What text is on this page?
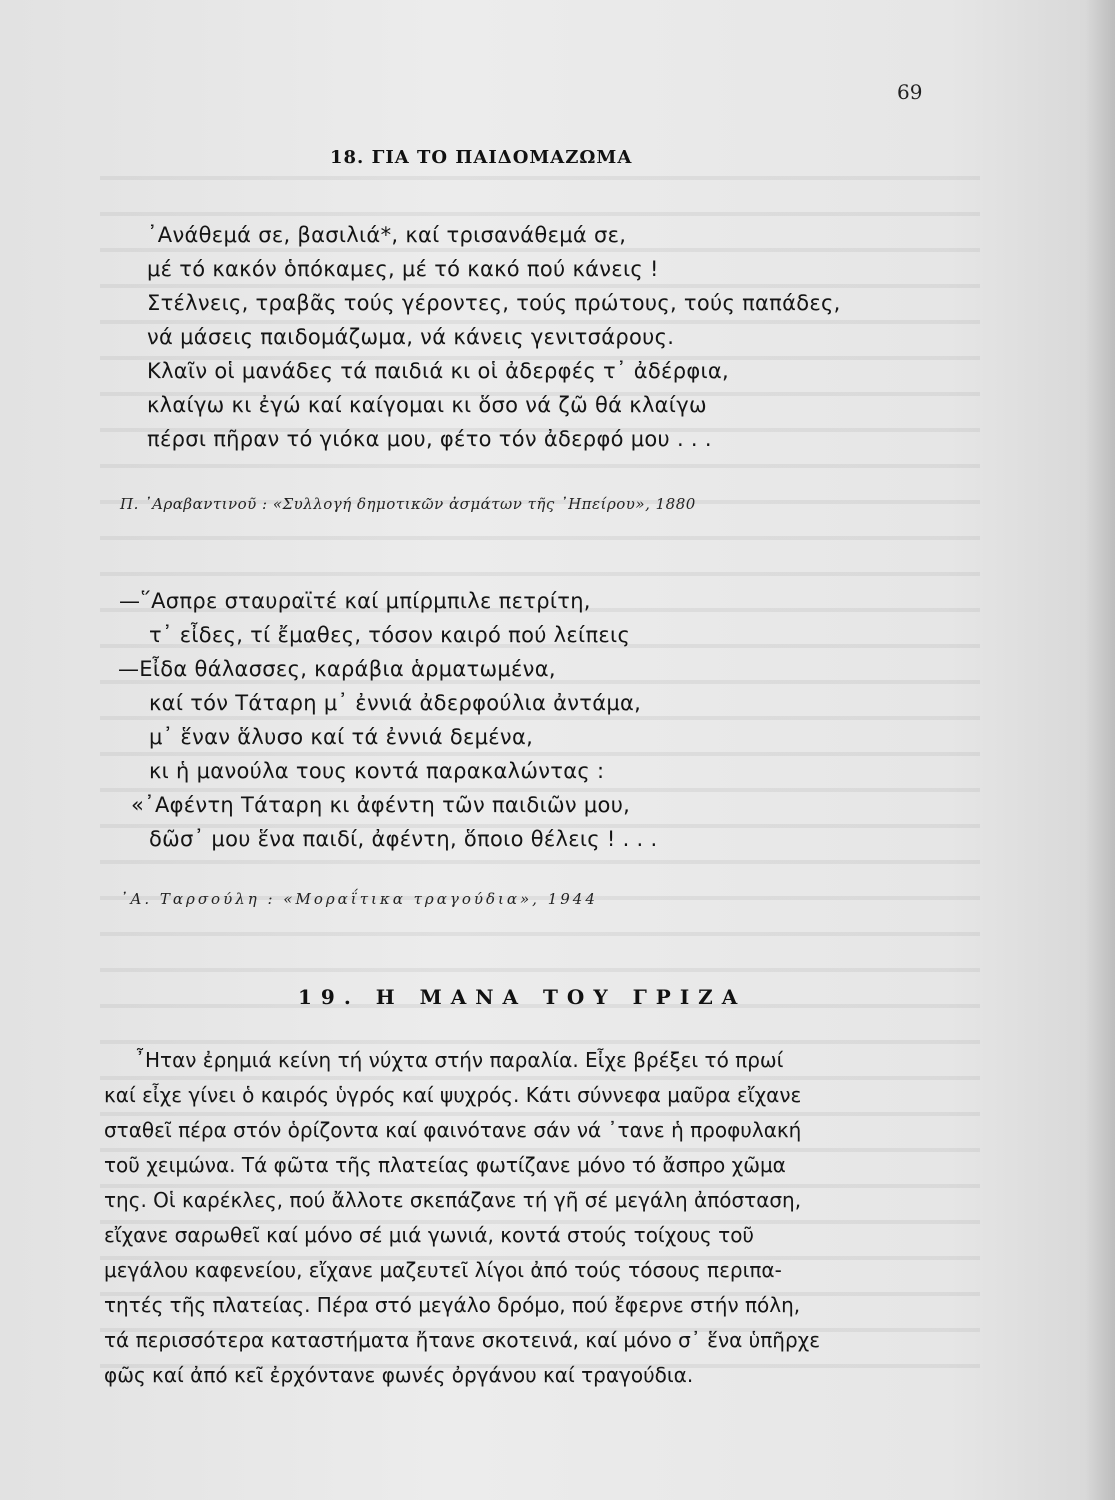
69
18. ΓΙΑ ΤΟ ΠΑΙΔΟΜΑΖΩΜΑ
᾿Ανάθεμά σε, βασιλιά*, καί τρισανάθεμά σε,
μέ τό κακόν ὁπόκαμες, μέ τό κακό πού κάνεις !
Στέλνεις, τραβᾶς τούς γέροντες, τούς πρώτους, τούς παπάδες,
νά μάσεις παιδομάζωμα, νά κάνεις γενιτσάρους.
Κλαῖν οἱ μανάδες τά παιδιά κι οἱ ἀδερφές τ᾿ ἀδέρφια,
κλαίγω κι ἐγώ καί καίγομαι κι ὅσο νά ζῶ θά κλαίγω
πέρσι πῆραν τό γιόκα μου, φέτο τόν ἀδερφό μου . . .
Π. ᾿Αραβαντινοῦ : «Συλλογή δημοτικῶν ἀσμάτων τῆς ᾿Ηπείρου», 1880
—῞Ασπρε σταυραϊτέ καί μπίρμπιλε πετρίτη,
τ᾿ εἶδες, τί ἔμαθες, τόσον καιρό πού λείπεις
—Εἶδα θάλασσες, καράβια ἁρματωμένα,
καί τόν Τάταρη μ᾿ ἐννιά ἀδερφούλια ἀντάμα,
μ᾿ ἕναν ἅλυσο καί τά ἐννιά δεμένα,
κι ἡ μανούλα τους κοντά παρακαλώντας :
«᾿Αφέντη Τάταρη κι ἀφέντη τῶν παιδιῶν μου,
δῶσ᾿ μου ἕνα παιδί, ἀφέντη, ὅποιο θέλεις ! . . .
᾿Α. Ταρσούλη : «Μοραΐτικα τραγούδια», 1944
19. Η ΜΑΝΑ ΤΟΥ ΓΡΙΖΑ
῏Ηταν ἐρημιά κείνη τή νύχτα στήν παραλία. Εἶχε βρέξει τό πρωί
καί εἶχε γίνει ὁ καιρός ὑγρός καί ψυχρός. Κάτι σύννεφα μαῦρα εἴχανε
σταθεῖ πέρα στόν ὁρίζοντα καί φαινότανε σάν νά ᾿τανε ἡ προφυλακή
τοῦ χειμώνα. Τά φῶτα τῆς πλατείας φωτίζανε μόνο τό ἄσπρο χῶμα
της. Οἱ καρέκλες, πού ἄλλοτε σκεπάζανε τή γῆ σέ μεγάλη ἀπόσταση,
εἴχανε σαρωθεῖ καί μόνο σέ μιά γωνιά, κοντά στούς τοίχους τοῦ
μεγάλου καφενείου, εἴχανε μαζευτεῖ λίγοι ἀπό τούς τόσους περιπα-
τητές τῆς πλατείας. Πέρα στό μεγάλο δρόμο, πού ἔφερνε στήν πόλη,
τά περισσότερα καταστήματα ἤτανε σκοτεινά, καί μόνο σ᾿ ἕνα ὑπῆρχε
φῶς καί ἀπό κεῖ ἐρχόντανε φωνές ὀργάνου καί τραγούδια.
